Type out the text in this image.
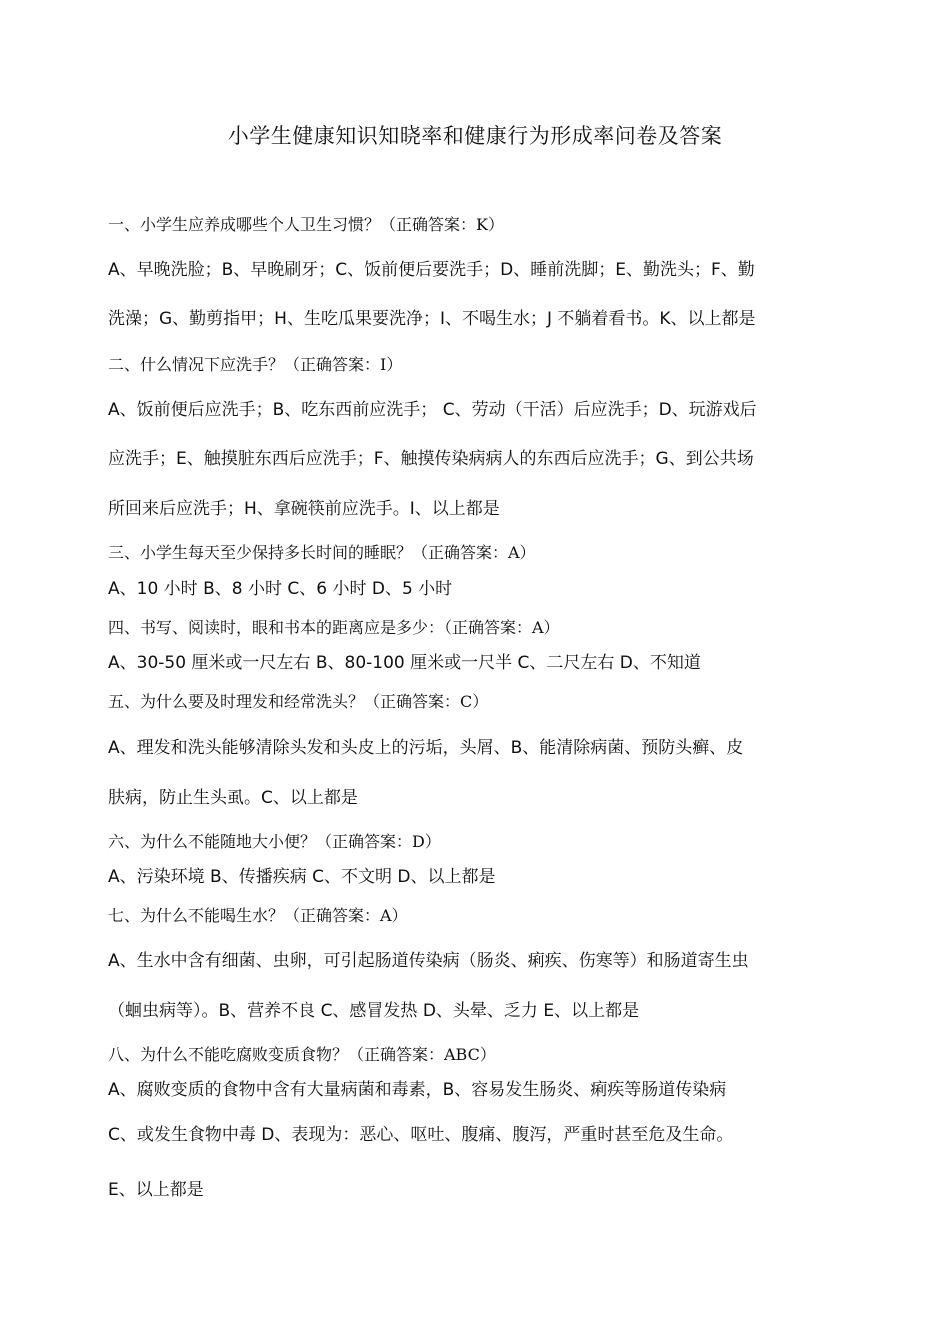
小学生健康知识知晓率和健康行为形成率问卷及答案
一、小学生应养成哪些个人卫生习惯？（正确答案：K）
A、早晚洗脸；B、早晚刷牙；C、饭前便后要洗手；D、睡前洗脚；E、勤洗头；F、勤
洗澡；G、勤剪指甲；H、生吃瓜果要洗净；I、不喝生水；J 不躺着看书。K、以上都是
二、什么情况下应洗手？（正确答案：I）
A、饭前便后应洗手；B、吃东西前应洗手； C、劳动（干活）后应洗手；D、玩游戏后
应洗手；E、触摸脏东西后应洗手；F、触摸传染病病人的东西后应洗手；G、到公共场
所回来后应洗手；H、拿碗筷前应洗手。I、以上都是
三、小学生每天至少保持多长时间的睡眠？（正确答案：A）
A、10 小时 B、8 小时 C、6 小时 D、5 小时
四、书写、阅读时，眼和书本的距离应是多少：（正确答案：A）
A、30-50 厘米或一尺左右 B、80-100 厘米或一尺半 C、二尺左右 D、不知道
五、为什么要及时理发和经常洗头？（正确答案：C）
A、理发和洗头能够清除头发和头皮上的污垢，头屑、B、能清除病菌、预防头癣、皮
肤病，防止生头虱。C、以上都是
六、为什么不能随地大小便？（正确答案：D）
A、污染环境 B、传播疾病 C、不文明 D、以上都是
七、为什么不能喝生水？（正确答案：A）
A、生水中含有细菌、虫卵，可引起肠道传染病（肠炎、痢疾、伤寒等）和肠道寄生虫
（蛔虫病等）。B、营养不良 C、感冒发热 D、头晕、乏力 E、以上都是
八、为什么不能吃腐败变质食物？（正确答案：ABC）
A、腐败变质的食物中含有大量病菌和毒素，B、容易发生肠炎、痢疾等肠道传染病
C、或发生食物中毒 D、表现为：恶心、呕吐、腹痛、腹泻，严重时甚至危及生命。
E、以上都是
